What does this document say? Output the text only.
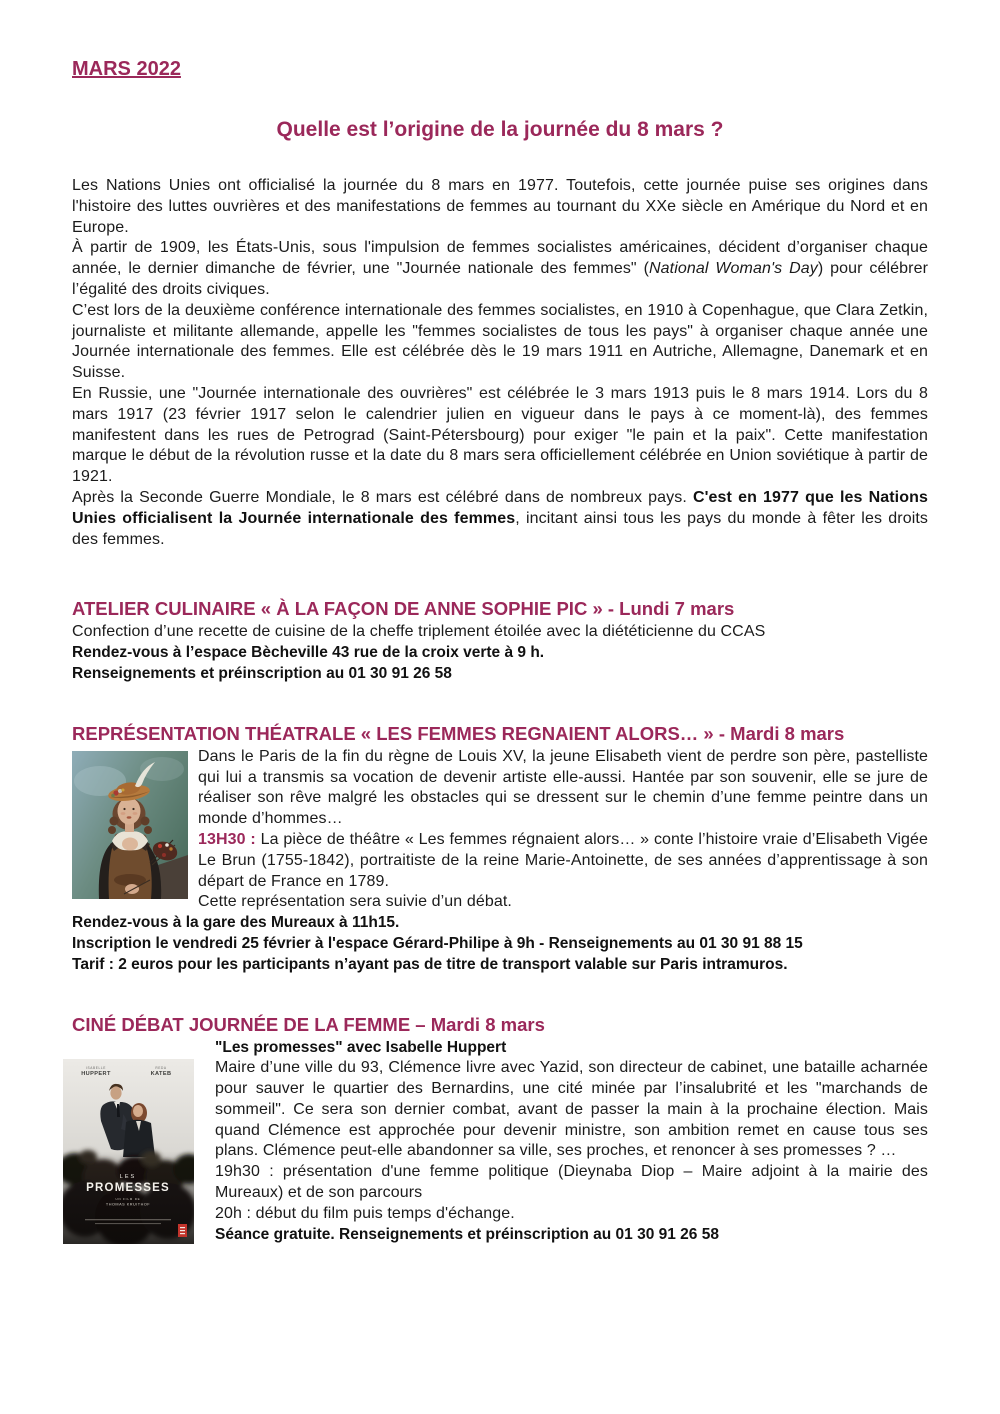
MARS 2022
Quelle est l’origine de la journée du 8 mars ?

Les Nations Unies ont officialisé la journée du 8 mars en 1977. Toutefois, cette journée puise ses origines dans l'histoire des luttes ouvrières et des manifestations de femmes au tournant du XXe siècle en Amérique du Nord et en Europe.

À partir de 1909, les États-Unis, sous l'impulsion de femmes socialistes américaines, décident d’organiser chaque année, le dernier dimanche de février, une "Journée nationale des femmes" (National Woman's Day) pour célébrer l’égalité des droits civiques.

C’est lors de la deuxième conférence internationale des femmes socialistes, en 1910 à Copenhague, que Clara Zetkin, journaliste et militante allemande, appelle les "femmes socialistes de tous les pays" à organiser chaque année une Journée internationale des femmes. Elle est célébrée dès le 19 mars 1911 en Autriche, Allemagne, Danemark et en Suisse.

En Russie, une "Journée internationale des ouvrières" est célébrée le 3 mars 1913 puis le 8 mars 1914. Lors du 8 mars 1917 (23 février 1917 selon le calendrier julien en vigueur dans le pays à ce moment-là), des femmes manifestent dans les rues de Petrograd (Saint-Pétersbourg) pour exiger "le pain et la paix". Cette manifestation marque le début de la révolution russe et la date du 8 mars sera officiellement célébrée en Union soviétique à partir de 1921.

Après la Seconde Guerre Mondiale, le 8 mars est célébré dans de nombreux pays. C'est en 1977 que les Nations Unies officialisent la Journée internationale des femmes, incitant ainsi tous les pays du monde à fêter les droits des femmes.

ATELIER CULINAIRE « À LA FAÇON DE ANNE SOPHIE PIC » - Lundi 7 mars

Confection d’une recette de cuisine de la cheffe triplement étoilée avec la diététicienne du CCAS

Rendez-vous à l’espace Bècheville 43 rue de la croix verte à 9 h.

Renseignements et préinscription au 01 30 91 26 58

REPRÉSENTATION THÉATRALE « LES FEMMES REGNAIENT ALORS… » - Mardi 8 mars

Dans le Paris de la fin du règne de Louis XV, la jeune Elisabeth vient de perdre son père, pastelliste qui lui a transmis sa vocation de devenir artiste elle-aussi. Hantée par son souvenir, elle se jure de réaliser son rêve malgré les obstacles qui se dressent sur le chemin d’une femme peintre dans un monde d’hommes…

13H30 : La pièce de théâtre « Les femmes régnaient alors… » conte l’histoire vraie d’Elisabeth Vigée Le Brun (1755-1842), portraitiste de la reine Marie-Antoinette, de ses années d’apprentissage à son départ de France en 1789.

Cette représentation sera suivie d’un débat.

Rendez-vous à la gare des Mureaux à 11h15.

Inscription le vendredi 25 février à l'espace Gérard-Philipe à 9h - Renseignements au 01 30 91 88 15

Tarif : 2 euros pour les participants n’ayant pas de titre de transport valable sur Paris intramuros.

CINÉ DÉBAT JOURNÉE DE LA FEMME – Mardi 8 mars
ISABELLE
HUPPERT
REDA
KATEB
LES
PROMESSES
UN FILM DE
THOMAS KRUITHOF

"Les promesses" avec Isabelle Huppert

Maire d’une ville du 93, Clémence livre avec Yazid, son directeur de cabinet, une bataille acharnée pour sauver le quartier des Bernardins, une cité minée par l’insalubrité et les "marchands de sommeil". Ce sera son dernier combat, avant de passer la main à la prochaine élection. Mais quand Clémence est approchée pour devenir ministre, son ambition remet en cause tous ses plans. Clémence peut-elle abandonner sa ville, ses proches, et renoncer à ses promesses ? …

19h30 : présentation d'une femme politique (Dieynaba Diop – Maire adjoint à la mairie des Mureaux) et de son parcours

20h : début du film puis temps d'échange.

Séance gratuite. Renseignements et préinscription au 01 30 91 26 58
